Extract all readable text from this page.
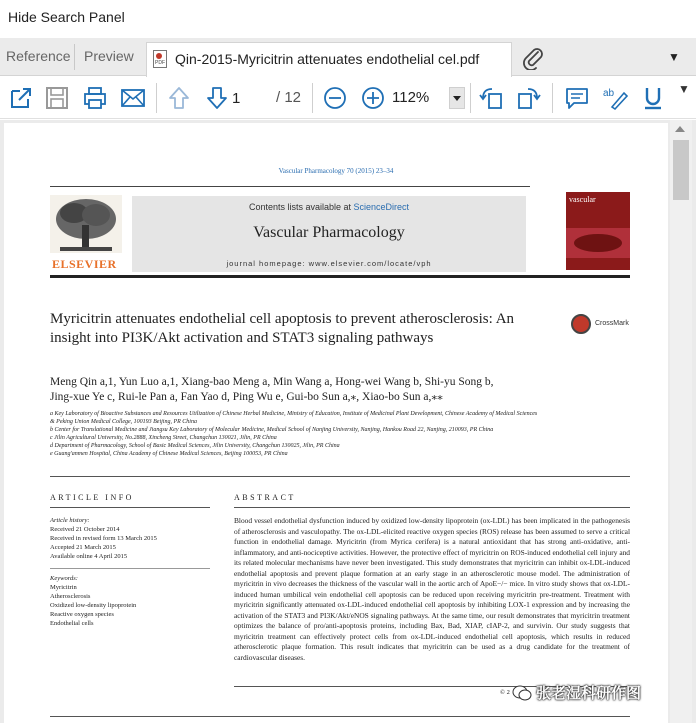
Hide Search Panel
Reference Preview	PDF Qin-2015-Myricitrin attenuates endothelial cel.pdf	▼
1
/ 12	112%	ab	▼
Vascular Pharmacology 70 (2015) 23–34
ELSEVIER
Contents lists available at ScienceDirect
Vascular Pharmacology
journal homepage: www.elsevier.com/locate/vph
vascular
Myricitrin attenuates endothelial cell apoptosis to prevent atherosclerosis: An insight into PI3K/Akt activation and STAT3 signaling pathways
CrossMark
Meng Qin a,1, Yun Luo a,1, Xiang-bao Meng a, Min Wang a, Hong-wei Wang b, Shi-yu Song b,
Jing-xue Ye c, Rui-le Pan a, Fan Yao d, Ping Wu e, Gui-bo Sun a,⁎, Xiao-bo Sun a,⁎⁎
a Key Laboratory of Bioactive Substances and Resources Utilization of Chinese Herbal Medicine, Ministry of Education, Institute of Medicinal Plant Development, Chinese Academy of Medical Sciences
& Peking Union Medical College, 100193 Beijing, PR China
b Center for Translational Medicine and Jiangsu Key Laboratory of Molecular Medicine, Medical School of Nanjing University, Nanjing, Hankou Road 22, Nanjing, 210093, PR China
c Jilin Agricultural University, No.2888, Xincheng Street, Changchun 130021, Jilin, PR China
d Department of Pharmacology, School of Basic Medical Sciences, Jilin University, Changchun 130025, Jilin, PR China
e Guang'anmen Hospital, China Academy of Chinese Medical Sciences, Beijing 100053, PR China
ARTICLE INFO	ABSTRACT
Article history:
Received 21 October 2014
Received in revised form 13 March 2015
Accepted 21 March 2015
Available online 4 April 2015
Keywords:
Myricitrin
Atherosclerosis
Oxidized low-density lipoprotein
Reactive oxygen species
Endothelial cells
Blood vessel endothelial dysfunction induced by oxidized low-density lipoprotein (ox-LDL) has been implicated in the pathogenesis of atherosclerosis and vasculopathy. The ox-LDL-elicited reactive oxygen species (ROS) release has been assumed to serve a critical function in endothelial damage. Myricitrin (from Myrica cerifera) is a natural antioxidant that has strong anti-oxidative, anti-inflammatory, and anti-nociceptive activities. However, the protective effect of myricitrin on ROS-induced endothelial cell injury and its related molecular mechanisms have never been investigated. This study demonstrates that myricitrin can inhibit ox-LDL-induced endothelial apoptosis and prevent plaque formation at an early stage in an atherosclerotic mouse model. The administration of myricitrin in vivo decreases the thickness of the vascular wall in the aortic arch of ApoE−/− mice. In vitro study shows that ox-LDL-induced human umbilical vein endothelial cell apoptosis can be reduced upon receiving myricitrin pre-treatment. Treatment with myricitrin significantly attenuated ox-LDL-induced endothelial cell apoptosis by inhibiting LOX-1 expression and by increasing the activation of the STAT3 and PI3K/Akt/eNOS signaling pathways. At the same time, our result demonstrates that myricitrin treatment optimizes the balance of pro/anti-apoptosis proteins, including Bax, Bad, XIAP, cIAP-2, and survivin. Our study suggests that myricitrin treatment can effectively protect cells from ox-LDL-induced endothelial cell apoptosis, which results in reduced atherosclerotic plaque formation. This result indicates that myricitrin can be used as a drug candidate for the treatment of cardiovascular diseases.
© 2 张老湿科研作图
